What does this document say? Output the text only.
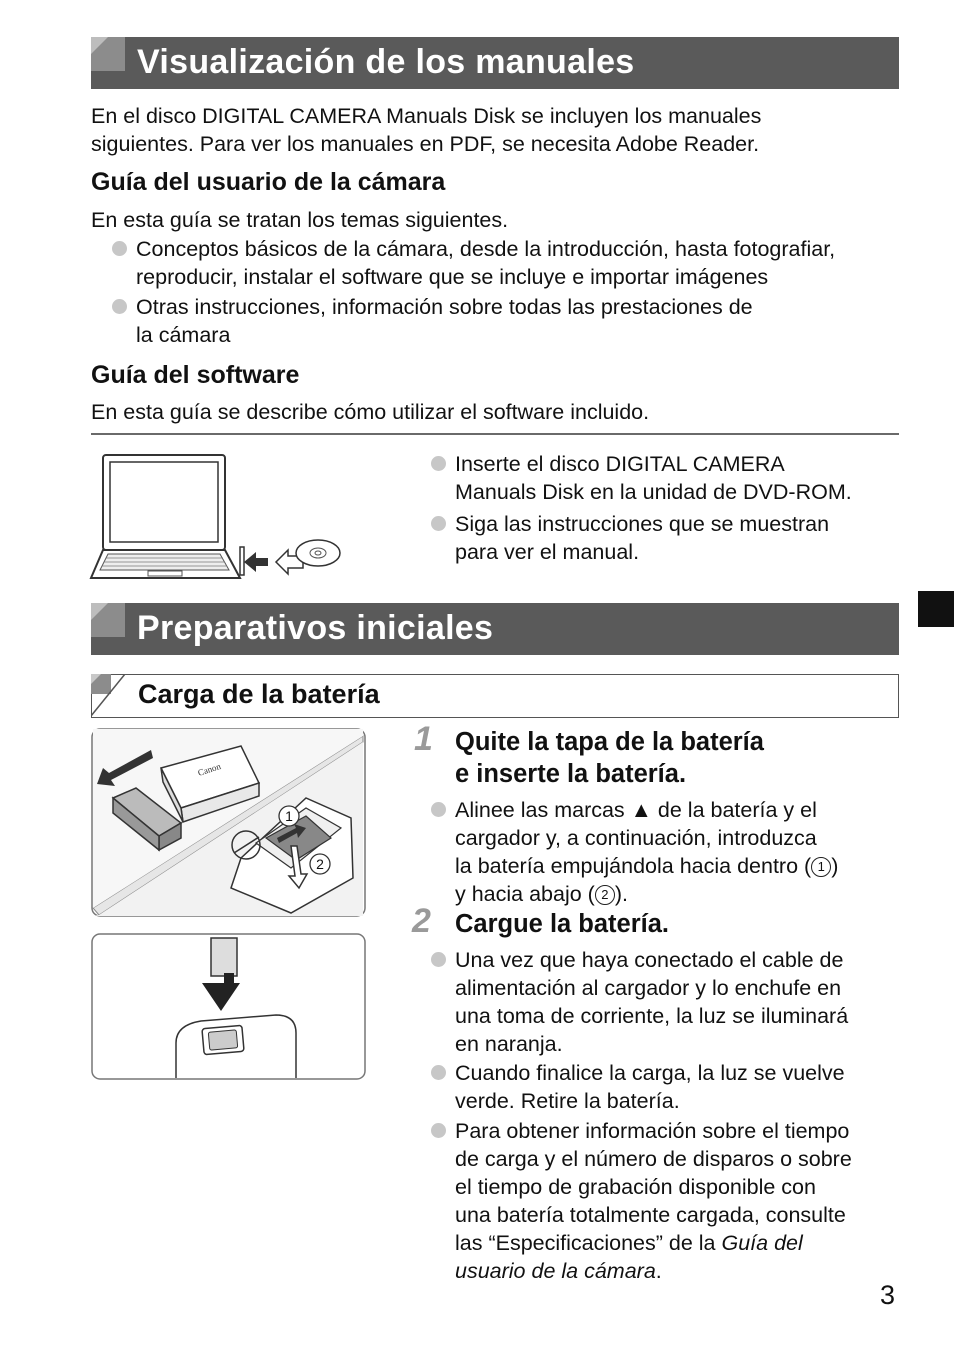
Visualización de los manuales
En el disco DIGITAL CAMERA Manuals Disk se incluyen los manuales
siguientes. Para ver los manuales en PDF, se necesita Adobe Reader.
Guía del usuario de la cámara
En esta guía se tratan los temas siguientes.
Conceptos básicos de la cámara, desde la introducción, hasta fotografiar,
reproducir, instalar el software que se incluye e importar imágenes
Otras instrucciones, información sobre todas las prestaciones de
la cámara
Guía del software
En esta guía se describe cómo utilizar el software incluido.
Inserte el disco DIGITAL CAMERA
Manuals Disk en la unidad de DVD-ROM.
Siga las instrucciones que se muestran
para ver el manual.
Preparativos iniciales
Carga de la batería
Canon
1
2
1 Quite la tapa de la batería
e inserte la batería.
Alinee las marcas ▲ de la batería y el
cargador y, a continuación, introduzca
la batería empujándola hacia dentro ( 1 )
y hacia abajo ( 2 ).
2 Cargue la batería.
Una vez que haya conectado el cable de
alimentación al cargador y lo enchufe en
una toma de corriente, la luz se iluminará
en naranja.
Cuando finalice la carga, la luz se vuelve
verde. Retire la batería.
Para obtener información sobre el tiempo
de carga y el número de disparos o sobre
el tiempo de grabación disponible con
una batería totalmente cargada, consulte
las “Especificaciones” de la Guía del
usuario de la cámara.
3
